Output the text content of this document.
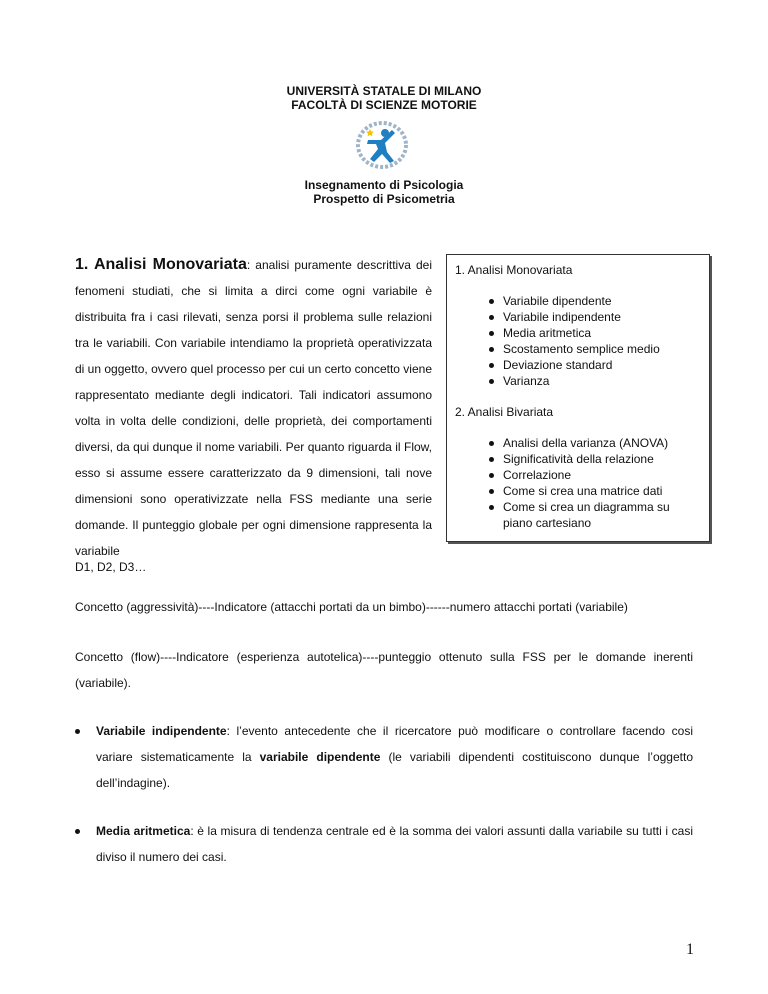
UNIVERSITÀ STATALE DI MILANO
FACOLTÀ DI SCIENZE MOTORIE
Insegnamento di Psicologia
Prospetto di Psicometria
1. Analisi Monovariata: analisi puramente descrittiva dei fenomeni studiati, che si limita a dirci come ogni variabile è distribuita fra i casi rilevati, senza porsi il problema sulle relazioni tra le variabili. Con variabile intendiamo la proprietà operativizzata di un oggetto, ovvero quel processo per cui un certo concetto viene rappresentato mediante degli indicatori. Tali indicatori assumono volta in volta delle condizioni, delle proprietà, dei comportamenti diversi, da qui dunque il nome variabili. Per quanto riguarda il Flow, esso si assume essere caratterizzato da 9 dimensioni, tali nove dimensioni sono operativizzate nella FSS mediante una serie domande. Il punteggio globale per ogni dimensione rappresenta la variabile
D1, D2, D3…
1. Analisi Monovariata
Variabile dipendente
Variabile indipendente
Media aritmetica
Scostamento semplice medio
Deviazione standard
Varianza
2. Analisi Bivariata
Analisi della varianza (ANOVA)
Significatività della relazione
Correlazione
Come si crea una matrice dati
Come si crea un diagramma su piano cartesiano
Concetto (aggressività)----Indicatore (attacchi portati da un bimbo)------numero attacchi portati (variabile)
Concetto (flow)----Indicatore (esperienza autotelica)----punteggio ottenuto sulla FSS per le domande inerenti (variabile).
Variabile indipendente: l’evento antecedente che il ricercatore può modificare o controllare facendo cosi variare sistematicamente la variabile dipendente (le variabili dipendenti costituiscono dunque l’oggetto dell’indagine).
Media aritmetica: è la misura di tendenza centrale ed è la somma dei valori assunti dalla variabile su tutti i casi diviso il numero dei casi.
1
